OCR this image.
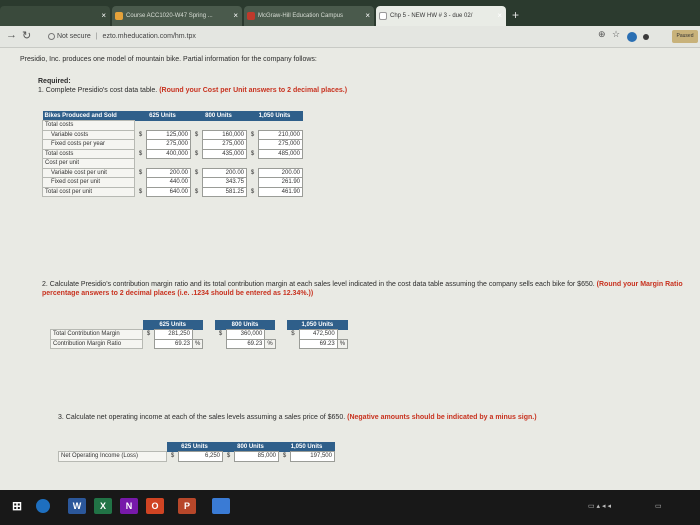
×	Course ACC1020-W47 Spring ...	×	McGraw-Hill Education Campus	×	Chp 5 - NEW HW # 3 - due 02/	× +
→ ↻	Not secure | ezto.mheducation.com/hm.tpx	⊕ ☆	Paused
Presidio, Inc. produces one model of mountain bike. Partial information for the company follows:
Required:
1. Complete Presidio's cost data table. (Round your Cost per Unit answers to 2 decimal places.)
Bikes Produced and Sold	625 Units		800 Units		1,050 Units	
Total costs						
Variable costs	$	125,000	$	160,000	$	210,000
Fixed costs per year		275,000		275,000		275,000
Total costs	$	400,000	$	435,000	$	485,000
Cost per unit						
Variable cost per unit	$	200.00	$	200.00	$	200.00
Fixed cost per unit		440.00		343.75		261.90
Total cost per unit	$	640.00	$	581.25	$	461.90
2. Calculate Presidio's contribution margin ratio and its total contribution margin at each sales level indicated in the cost data table assuming the company sells each bike for $650. (Round your Margin Ratio percentage answers to 2 decimal places (i.e. .1234 should be entered as 12.34%.))
	625 Units				800 Units				1,050 Units		
Total Contribution Margin	$	281,250			$	360,000			$	472,500	
Contribution Margin Ratio		69.23	%			69.23	%			69.23	%
3. Calculate net operating income at each of the sales levels assuming a sales price of $650. (Negative amounts should be indicated by a minus sign.)
	625 Units		800 Units		1,050 Units	
Net Operating Income (Loss)	$	6,250	$	85,000	$	197,500
⊞	W	X	N	O	P	▭ ▴ ◂ ◂	▭
